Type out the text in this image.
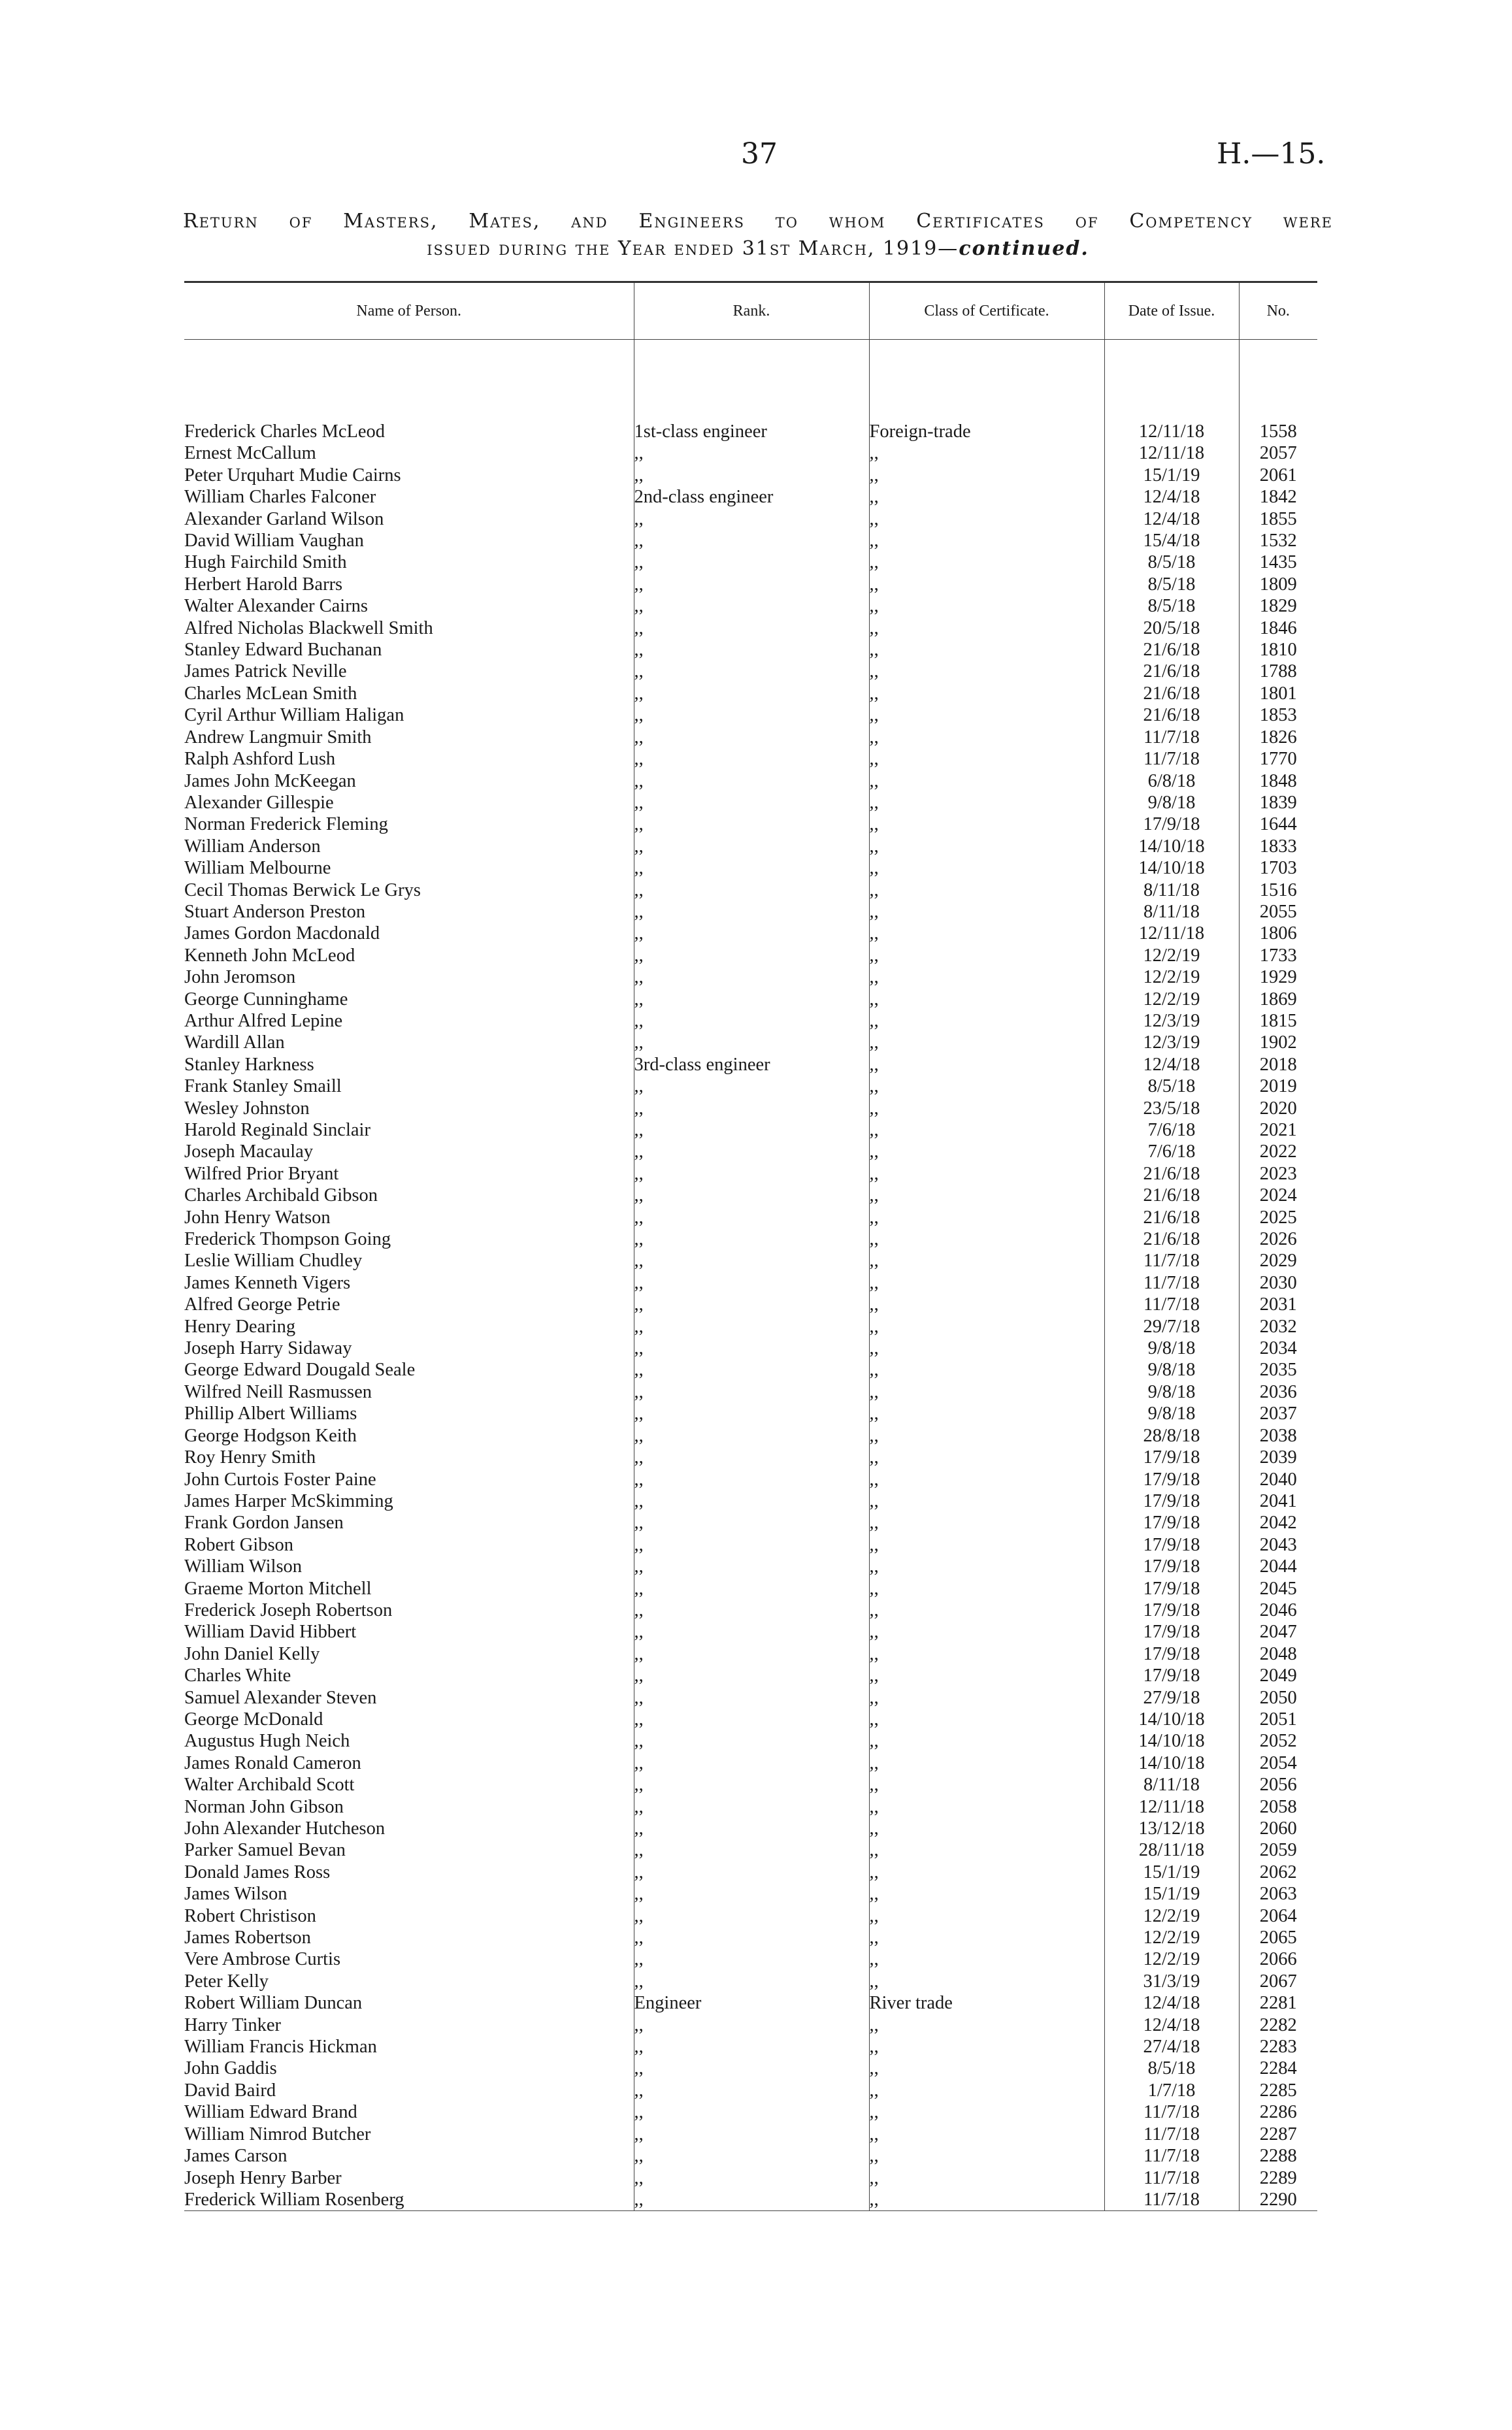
37	H.—15.
Return of Masters, Mates, and Engineers to whom Certificates of Competency were
issued during the Year ended 31st March, 1919—continued.
Name of Person.	Rank.	Class of Certificate.	Date of Issue.	No.

Frederick Charles McLeod	1st-class engineer	Foreign-trade	12/11/18	1558
Ernest McCallum	,,	,,	12/11/18	2057
Peter Urquhart Mudie Cairns	,,	,,	15/1/19	2061
William Charles Falconer	2nd-class engineer	,,	12/4/18	1842
Alexander Garland Wilson	,,	,,	12/4/18	1855
David William Vaughan	,,	,,	15/4/18	1532
Hugh Fairchild Smith	,,	,,	8/5/18	1435
Herbert Harold Barrs	,,	,,	8/5/18	1809
Walter Alexander Cairns	,,	,,	8/5/18	1829
Alfred Nicholas Blackwell Smith	,,	,,	20/5/18	1846
Stanley Edward Buchanan	,,	,,	21/6/18	1810
James Patrick Neville	,,	,,	21/6/18	1788
Charles McLean Smith	,,	,,	21/6/18	1801
Cyril Arthur William Haligan	,,	,,	21/6/18	1853
Andrew Langmuir Smith	,,	,,	11/7/18	1826
Ralph Ashford Lush	,,	,,	11/7/18	1770
James John McKeegan	,,	,,	6/8/18	1848
Alexander Gillespie	,,	,,	9/8/18	1839
Norman Frederick Fleming	,,	,,	17/9/18	1644
William Anderson	,,	,,	14/10/18	1833
William Melbourne	,,	,,	14/10/18	1703
Cecil Thomas Berwick Le Grys	,,	,,	8/11/18	1516
Stuart Anderson Preston	,,	,,	8/11/18	2055
James Gordon Macdonald	,,	,,	12/11/18	1806
Kenneth John McLeod	,,	,,	12/2/19	1733
John Jeromson	,,	,,	12/2/19	1929
George Cunninghame	,,	,,	12/2/19	1869
Arthur Alfred Lepine	,,	,,	12/3/19	1815
Wardill Allan	,,	,,	12/3/19	1902
Stanley Harkness	3rd-class engineer	,,	12/4/18	2018
Frank Stanley Smaill	,,	,,	8/5/18	2019
Wesley Johnston	,,	,,	23/5/18	2020
Harold Reginald Sinclair	,,	,,	7/6/18	2021
Joseph Macaulay	,,	,,	7/6/18	2022
Wilfred Prior Bryant	,,	,,	21/6/18	2023
Charles Archibald Gibson	,,	,,	21/6/18	2024
John Henry Watson	,,	,,	21/6/18	2025
Frederick Thompson Going	,,	,,	21/6/18	2026
Leslie William Chudley	,,	,,	11/7/18	2029
James Kenneth Vigers	,,	,,	11/7/18	2030
Alfred George Petrie	,,	,,	11/7/18	2031
Henry Dearing	,,	,,	29/7/18	2032
Joseph Harry Sidaway	,,	,,	9/8/18	2034
George Edward Dougald Seale	,,	,,	9/8/18	2035
Wilfred Neill Rasmussen	,,	,,	9/8/18	2036
Phillip Albert Williams	,,	,,	9/8/18	2037
George Hodgson Keith	,,	,,	28/8/18	2038
Roy Henry Smith	,,	,,	17/9/18	2039
John Curtois Foster Paine	,,	,,	17/9/18	2040
James Harper McSkimming	,,	,,	17/9/18	2041
Frank Gordon Jansen	,,	,,	17/9/18	2042
Robert Gibson	,,	,,	17/9/18	2043
William Wilson	,,	,,	17/9/18	2044
Graeme Morton Mitchell	,,	,,	17/9/18	2045
Frederick Joseph Robertson	,,	,,	17/9/18	2046
William David Hibbert	,,	,,	17/9/18	2047
John Daniel Kelly	,,	,,	17/9/18	2048
Charles White	,,	,,	17/9/18	2049
Samuel Alexander Steven	,,	,,	27/9/18	2050
George McDonald	,,	,,	14/10/18	2051
Augustus Hugh Neich	,,	,,	14/10/18	2052
James Ronald Cameron	,,	,,	14/10/18	2054
Walter Archibald Scott	,,	,,	8/11/18	2056
Norman John Gibson	,,	,,	12/11/18	2058
John Alexander Hutcheson	,,	,,	13/12/18	2060
Parker Samuel Bevan	,,	,,	28/11/18	2059
Donald James Ross	,,	,,	15/1/19	2062
James Wilson	,,	,,	15/1/19	2063
Robert Christison	,,	,,	12/2/19	2064
James Robertson	,,	,,	12/2/19	2065
Vere Ambrose Curtis	,,	,,	12/2/19	2066
Peter Kelly	,,	,,	31/3/19	2067
Robert William Duncan	Engineer	River trade	12/4/18	2281
Harry Tinker	,,	,,	12/4/18	2282
William Francis Hickman	,,	,,	27/4/18	2283
John Gaddis	,,	,,	8/5/18	2284
David Baird	,,	,,	1/7/18	2285
William Edward Brand	,,	,,	11/7/18	2286
William Nimrod Butcher	,,	,,	11/7/18	2287
James Carson	,,	,,	11/7/18	2288
Joseph Henry Barber	,,	,,	11/7/18	2289
Frederick William Rosenberg	,,	,,	11/7/18	2290
